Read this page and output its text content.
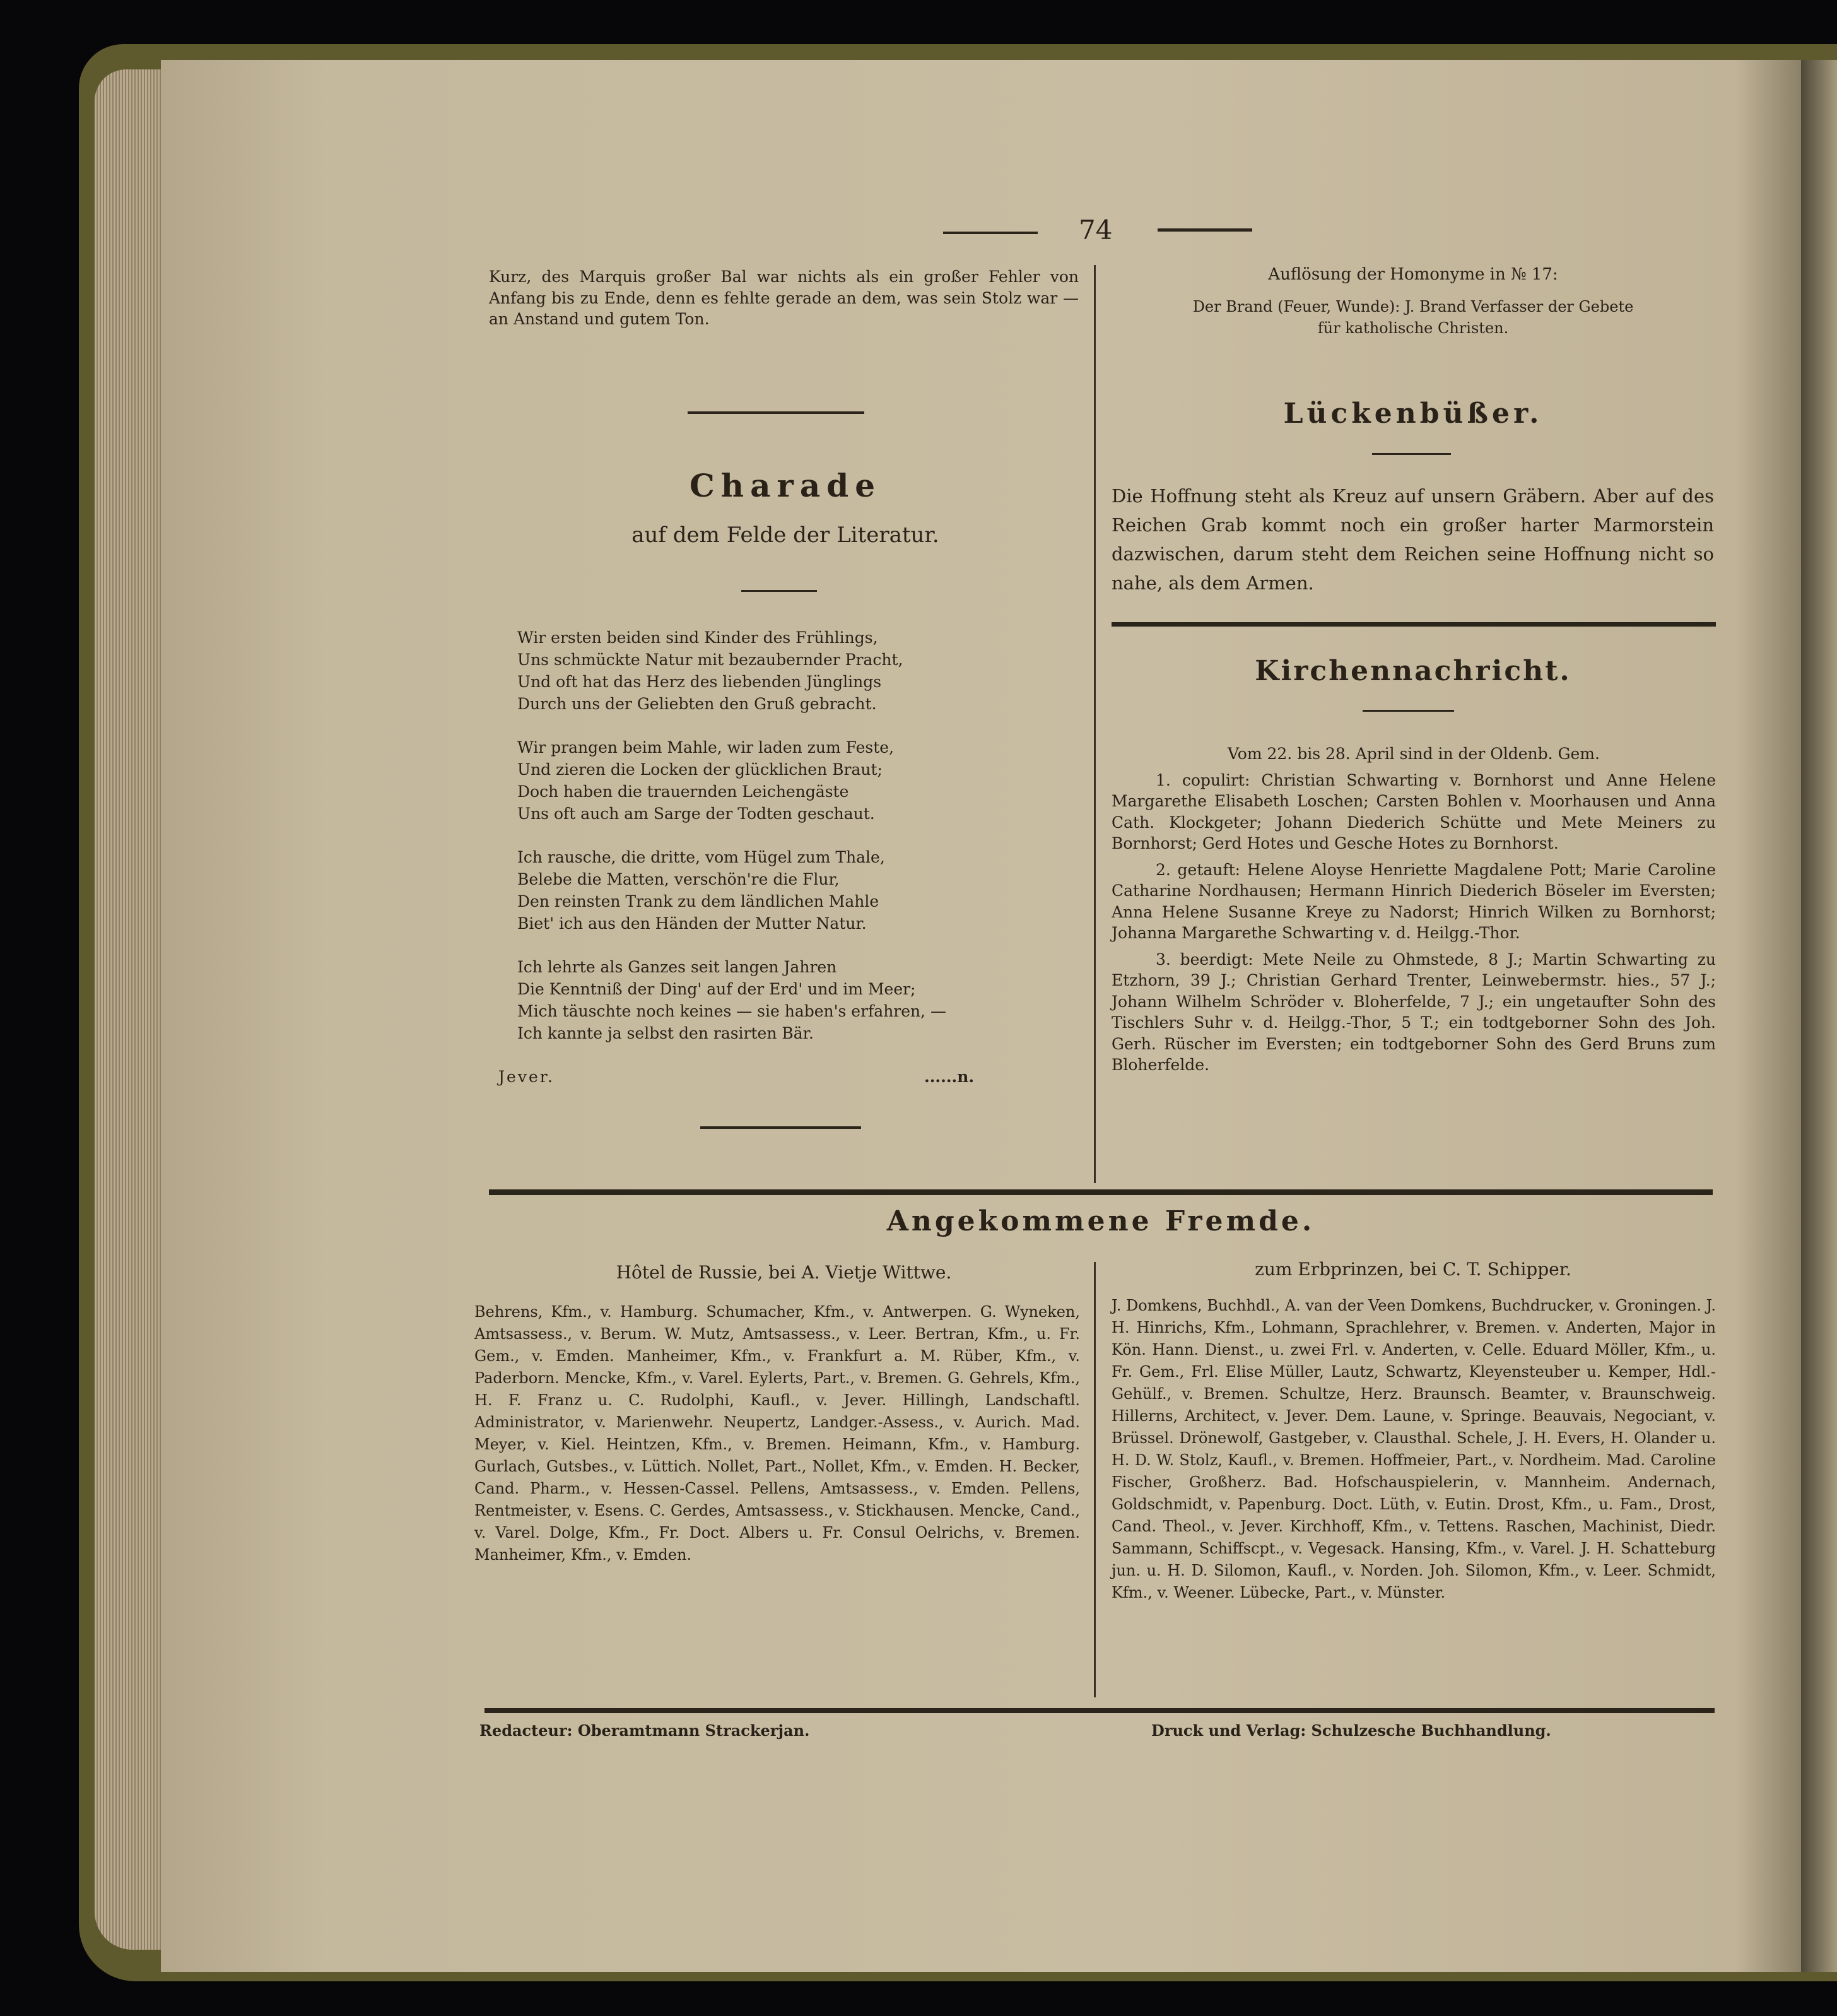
74
Kurz, des Marquis großer Bal war nichts als ein großer Fehler von Anfang bis zu Ende, denn es fehlte gerade an dem, was sein Stolz war — an Anstand und gutem Ton.
Charade
auf dem Felde der Literatur.
Wir ersten beiden sind Kinder des Frühlings,
Uns schmückte Natur mit bezaubernder Pracht,
Und oft hat das Herz des liebenden Jünglings
Durch uns der Geliebten den Gruß gebracht.
Wir prangen beim Mahle, wir laden zum Feste,
Und zieren die Locken der glücklichen Braut;
Doch haben die trauernden Leichengäste
Uns oft auch am Sarge der Todten geschaut.
Ich rausche, die dritte, vom Hügel zum Thale,
Belebe die Matten, verschön're die Flur,
Den reinsten Trank zu dem ländlichen Mahle
Biet' ich aus den Händen der Mutter Natur.
Ich lehrte als Ganzes seit langen Jahren
Die Kenntniß der Ding' auf der Erd' und im Meer;
Mich täuschte noch keines — sie haben's erfahren, —
Ich kannte ja selbst den rasirten Bär.
Jever.	......n.
Auflösung der Homonyme in № 17:
Der Brand (Feuer, Wunde): J. Brand Verfasser der Gebete
für katholische Christen.
Lückenbüßer.
Die Hoffnung steht als Kreuz auf unsern Gräbern. Aber auf des Reichen Grab kommt noch ein großer harter Marmorstein dazwischen, darum steht dem Reichen seine Hoffnung nicht so nahe, als dem Armen.
Kirchennachricht.

Vom 22. bis 28. April sind in der Oldenb. Gem.

1. copulirt: Christian Schwarting v. Bornhorst und Anne Helene Margarethe Elisabeth Loschen; Carsten Bohlen v. Moorhausen und Anna Cath. Klockgeter; Johann Diederich Schütte und Mete Meiners zu Bornhorst; Gerd Hotes und Gesche Hotes zu Bornhorst.

2. getauft: Helene Aloyse Henriette Magdalene Pott; Marie Caroline Catharine Nordhausen; Hermann Hinrich Diederich Böseler im Eversten; Anna Helene Susanne Kreye zu Nadorst; Hinrich Wilken zu Bornhorst; Johanna Margarethe Schwarting v. d. Heilgg.-Thor.

3. beerdigt: Mete Neile zu Ohmstede, 8 J.; Martin Schwarting zu Etzhorn, 39 J.; Christian Gerhard Trenter, Leinwebermstr. hies., 57 J.; Johann Wilhelm Schröder v. Bloherfelde, 7 J.; ein ungetaufter Sohn des Tischlers Suhr v. d. Heilgg.-Thor, 5 T.; ein todtgeborner Sohn des Joh. Gerh. Rüscher im Eversten; ein todtgeborner Sohn des Gerd Bruns zum Bloherfelde.

Angekommene Fremde.
Hôtel de Russie, bei A. Vietje Wittwe.
Behrens, Kfm., v. Hamburg. Schumacher, Kfm., v. Antwerpen. G. Wyneken, Amtsassess., v. Berum. W. Mutz, Amtsassess., v. Leer. Bertran, Kfm., u. Fr. Gem., v. Emden. Manheimer, Kfm., v. Frankfurt a. M. Rüber, Kfm., v. Paderborn. Mencke, Kfm., v. Varel. Eylerts, Part., v. Bremen. G. Gehrels, Kfm., H. F. Franz u. C. Rudolphi, Kaufl., v. Jever. Hillingh, Landschaftl. Administrator, v. Marienwehr. Neupertz, Landger.-Assess., v. Aurich. Mad. Meyer, v. Kiel. Heintzen, Kfm., v. Bremen. Heimann, Kfm., v. Hamburg. Gurlach, Gutsbes., v. Lüttich. Nollet, Part., Nollet, Kfm., v. Emden. H. Becker, Cand. Pharm., v. Hessen-Cassel. Pellens, Amtsassess., v. Emden. Pellens, Rentmeister, v. Esens. C. Gerdes, Amtsassess., v. Stickhausen. Mencke, Cand., v. Varel. Dolge, Kfm., Fr. Doct. Albers u. Fr. Consul Oelrichs, v. Bremen. Manheimer, Kfm., v. Emden.
zum Erbprinzen, bei C. T. Schipper.
J. Domkens, Buchhdl., A. van der Veen Domkens, Buchdrucker, v. Groningen. J. H. Hinrichs, Kfm., Lohmann, Sprachlehrer, v. Bremen. v. Anderten, Major in Kön. Hann. Dienst., u. zwei Frl. v. Anderten, v. Celle. Eduard Möller, Kfm., u. Fr. Gem., Frl. Elise Müller, Lautz, Schwartz, Kleyensteuber u. Kemper, Hdl.-Gehülf., v. Bremen. Schultze, Herz. Braunsch. Beamter, v. Braunschweig. Hillerns, Architect, v. Jever. Dem. Laune, v. Springe. Beauvais, Negociant, v. Brüssel. Drönewolf, Gastgeber, v. Clausthal. Schele, J. H. Evers, H. Olander u. H. D. W. Stolz, Kaufl., v. Bremen. Hoffmeier, Part., v. Nordheim. Mad. Caroline Fischer, Großherz. Bad. Hofschauspielerin, v. Mannheim. Andernach, Goldschmidt, v. Papenburg. Doct. Lüth, v. Eutin. Drost, Kfm., u. Fam., Drost, Cand. Theol., v. Jever. Kirchhoff, Kfm., v. Tettens. Raschen, Machinist, Diedr. Sammann, Schiffscpt., v. Vegesack. Hansing, Kfm., v. Varel. J. H. Schatteburg jun. u. H. D. Silomon, Kaufl., v. Norden. Joh. Silomon, Kfm., v. Leer. Schmidt, Kfm., v. Weener. Lübecke, Part., v. Münster.
Redacteur: Oberamtmann Strackerjan.	Druck und Verlag: Schulzesche Buchhandlung.
